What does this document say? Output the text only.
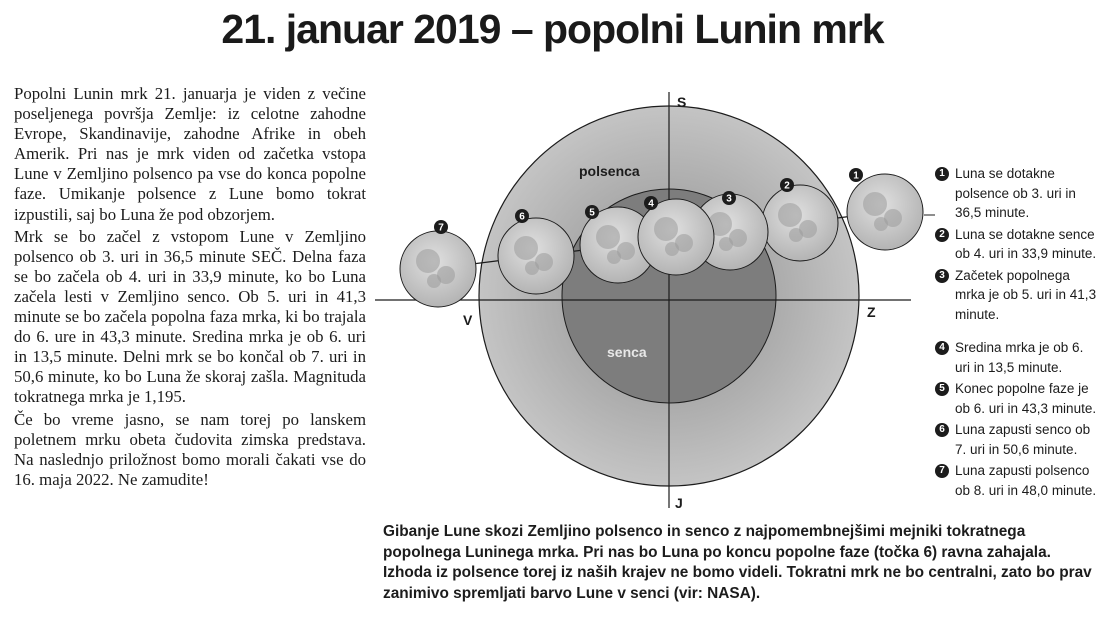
21. januar 2019 – popolni Lunin mrk

Popolni Lunin mrk 21. januarja je viden z večine poseljenega površja Zemlje: iz celotne zahodne Evrope, Skandinavije, zahodne Afrike in obeh Amerik. Pri nas je mrk viden od začetka vstopa Lune v Zemljino polsenco pa vse do konca popolne faze. Umikanje polsence z Lune bomo tokrat izpustili, saj bo Luna že pod obzorjem.

Mrk se bo začel z vstopom Lune v Zemljino polsenco ob 3. uri in 36,5 minute SEČ. Delna faza se bo začela ob 4. uri in 33,9 minute, ko bo Luna začela lesti v Zemljino senco. Ob 5. uri in 41,3 minute se bo začela popolna faza mrka, ki bo trajala do 6. ure in 43,3 minute. Sredina mrka je ob 6. uri in 13,5 minute. Delni mrk se bo končal ob 7. uri in 50,6 minute, ko bo Luna že skoraj zašla. Magnituda tokratnega mrka je 1,195.

Če bo vreme jasno, se nam torej po lanskem poletnem mrku obeta čudovita zimska predstava. Na naslednjo priložnost bomo morali čakati vse do 16. maja 2022. Ne zamudite!

1
2
3
4
5
6
7
polsenca
senca
S
J
V	Z
1 Luna se dotakne polsence ob 3. uri in 36,5 minute.
2 Luna se dotakne sence ob 4. uri in 33,9 minute.
3 Začetek popolnega mrka je ob 5. uri in 41,3 minute.
4 Sredina mrka je ob 6. uri in 13,5 minute.
5 Konec popolne faze je ob 6. uri in 43,3 minute.
6 Luna zapusti senco ob 7. uri in 50,6 minute.
7 Luna zapusti polsenco ob 8. uri in 48,0 minute.
Gibanje Lune skozi Zemljino polsenco in senco z najpomembnejšimi mejniki tokratnega popolnega Luninega mrka. Pri nas bo Luna po koncu popolne faze (točka 6) ravna zahajala. Izhoda iz polsence torej iz naših krajev ne bomo videli. Tokratni mrk ne bo centralni, zato bo prav zanimivo spremljati barvo Lune v senci (vir: NASA).
